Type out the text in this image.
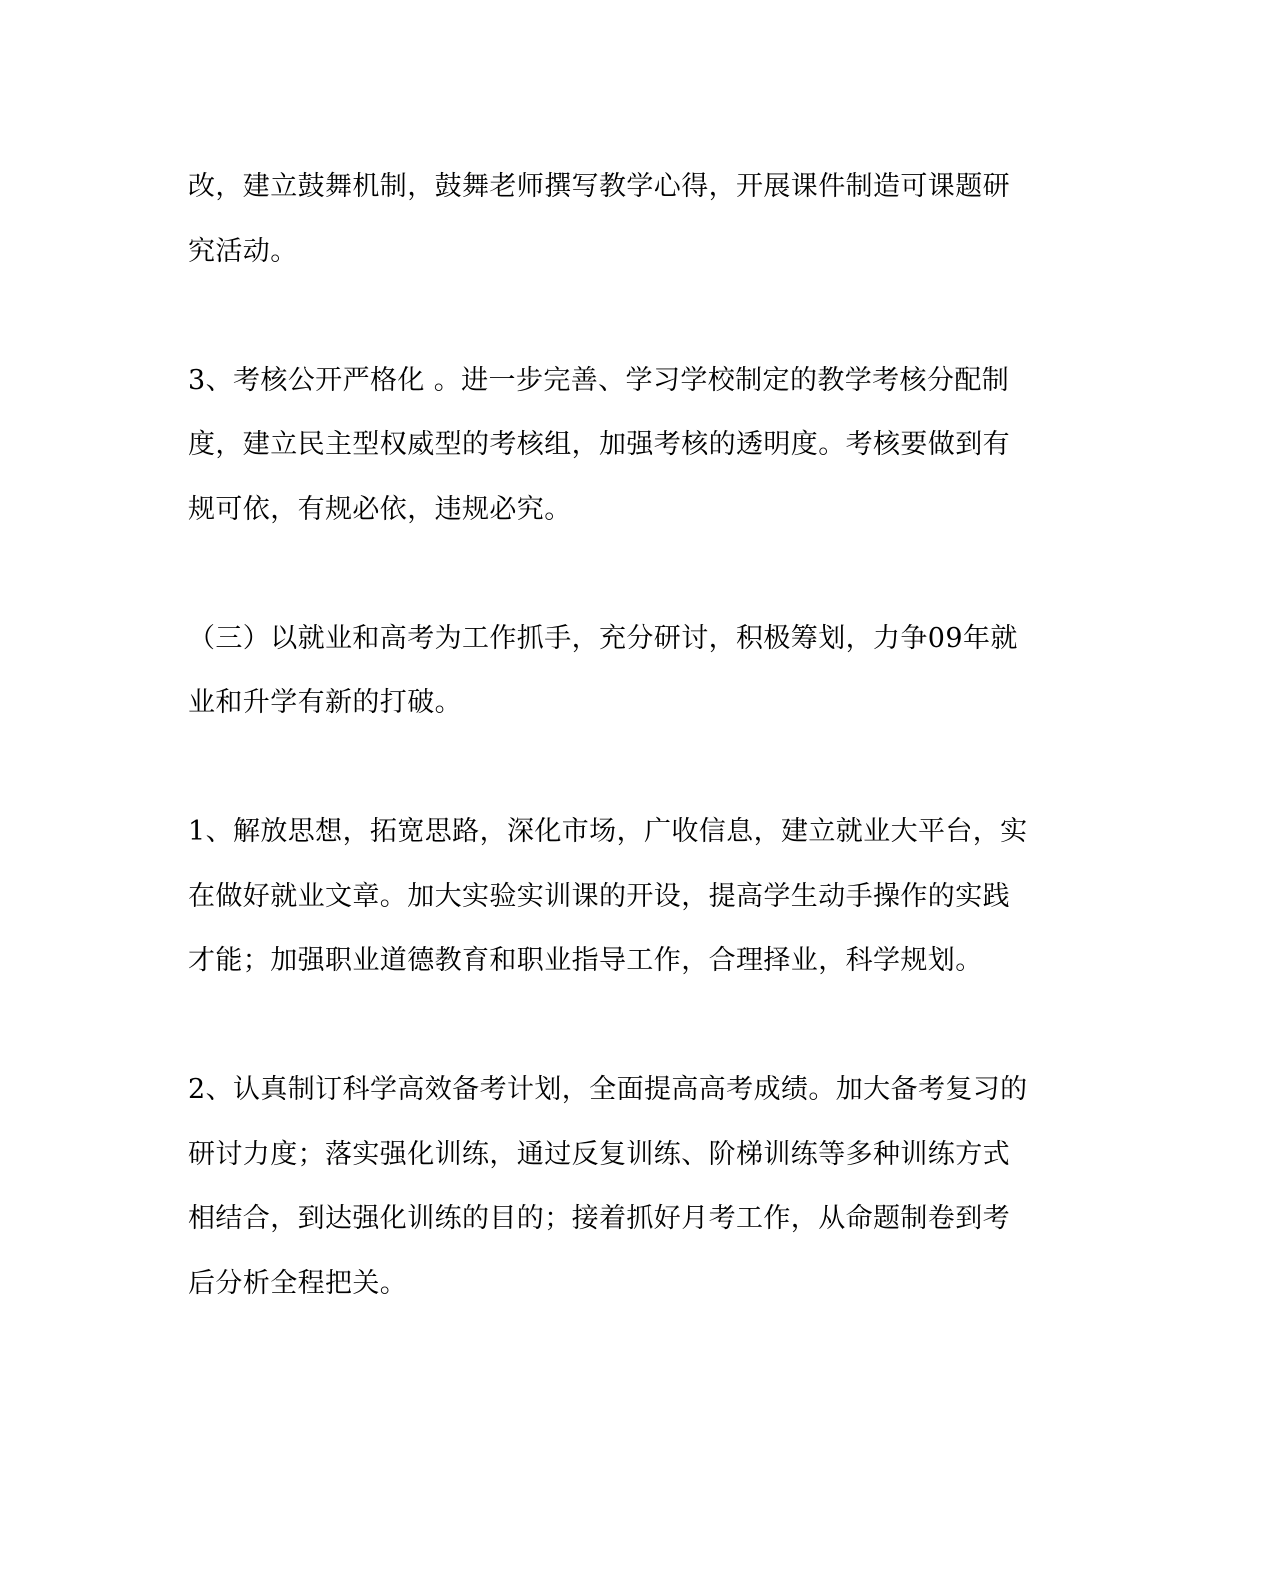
改，建立鼓舞机制，鼓舞老师撰写教学心得，开展课件制造可课题研
究活动。

3、考核公开严格化 。进一步完善、学习学校制定的教学考核分配制
度，建立民主型权威型的考核组，加强考核的透明度。考核要做到有
规可依，有规必依，违规必究。

（三）以就业和高考为工作抓手，充分研讨，积极筹划，力争09年就
业和升学有新的打破。

1、解放思想，拓宽思路，深化市场，广收信息，建立就业大平台，实
在做好就业文章。加大实验实训课的开设，提高学生动手操作的实践
才能；加强职业道德教育和职业指导工作，合理择业，科学规划。

2、认真制订科学高效备考计划，全面提高高考成绩。加大备考复习的
研讨力度；落实强化训练，通过反复训练、阶梯训练等多种训练方式
相结合，到达强化训练的目的；接着抓好月考工作，从命题制卷到考
后分析全程把关。
